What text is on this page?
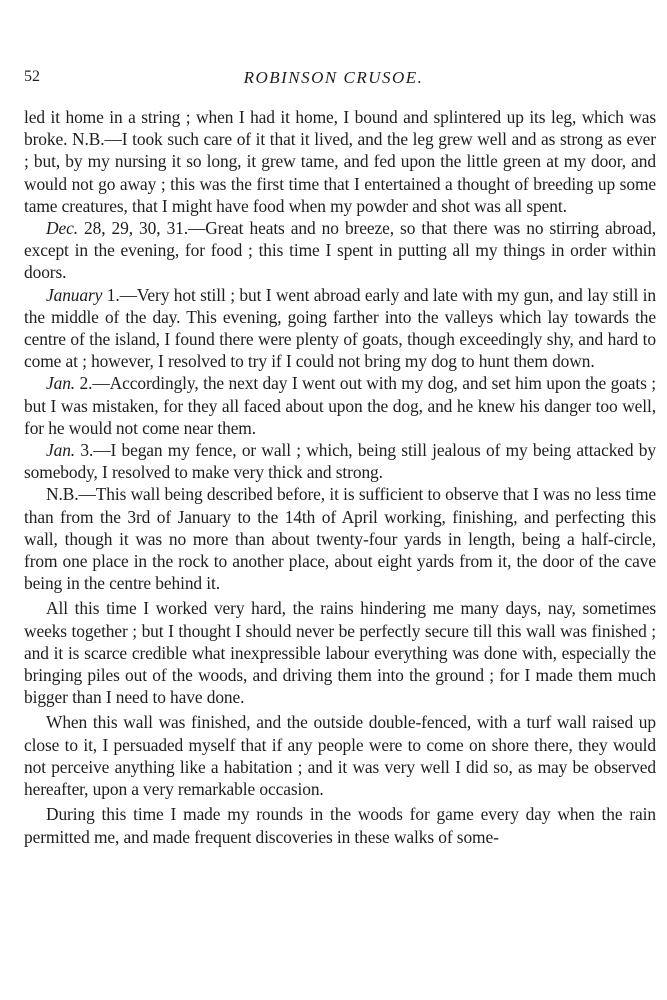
52	ROBINSON CRUSOE.

led it home in a string ; when I had it home, I bound and splintered up its leg, which was broke. N.B.—I took such care of it that it lived, and the leg grew well and as strong as ever ; but, by my nursing it so long, it grew tame, and fed upon the little green at my door, and would not go away ; this was the first time that I entertained a thought of breeding up some tame creatures, that I might have food when my powder and shot was all spent.

Dec. 28, 29, 30, 31.—Great heats and no breeze, so that there was no stirring abroad, except in the evening, for food ; this time I spent in putting all my things in order within doors.

January 1.—Very hot still ; but I went abroad early and late with my gun, and lay still in the middle of the day. This evening, going farther into the valleys which lay towards the centre of the island, I found there were plenty of goats, though exceedingly shy, and hard to come at ; however, I resolved to try if I could not bring my dog to hunt them down.

Jan. 2.—Accordingly, the next day I went out with my dog, and set him upon the goats ; but I was mistaken, for they all faced about upon the dog, and he knew his danger too well, for he would not come near them.

Jan. 3.—I began my fence, or wall ; which, being still jealous of my being attacked by somebody, I resolved to make very thick and strong.

N.B.—This wall being described before, it is sufficient to observe that I was no less time than from the 3rd of January to the 14th of April working, finishing, and perfecting this wall, though it was no more than about twenty-four yards in length, being a half-circle, from one place in the rock to another place, about eight yards from it, the door of the cave being in the centre behind it.

All this time I worked very hard, the rains hindering me many days, nay, sometimes weeks together ; but I thought I should never be perfectly secure till this wall was finished ; and it is scarce credible what inexpressible labour everything was done with, especially the bringing piles out of the woods, and driving them into the ground ; for I made them much bigger than I need to have done.

When this wall was finished, and the outside double-fenced, with a turf wall raised up close to it, I persuaded myself that if any people were to come on shore there, they would not perceive anything like a habitation ; and it was very well I did so, as may be observed hereafter, upon a very remarkable occasion.

During this time I made my rounds in the woods for game every day when the rain permitted me, and made frequent discoveries in these walks of some-
